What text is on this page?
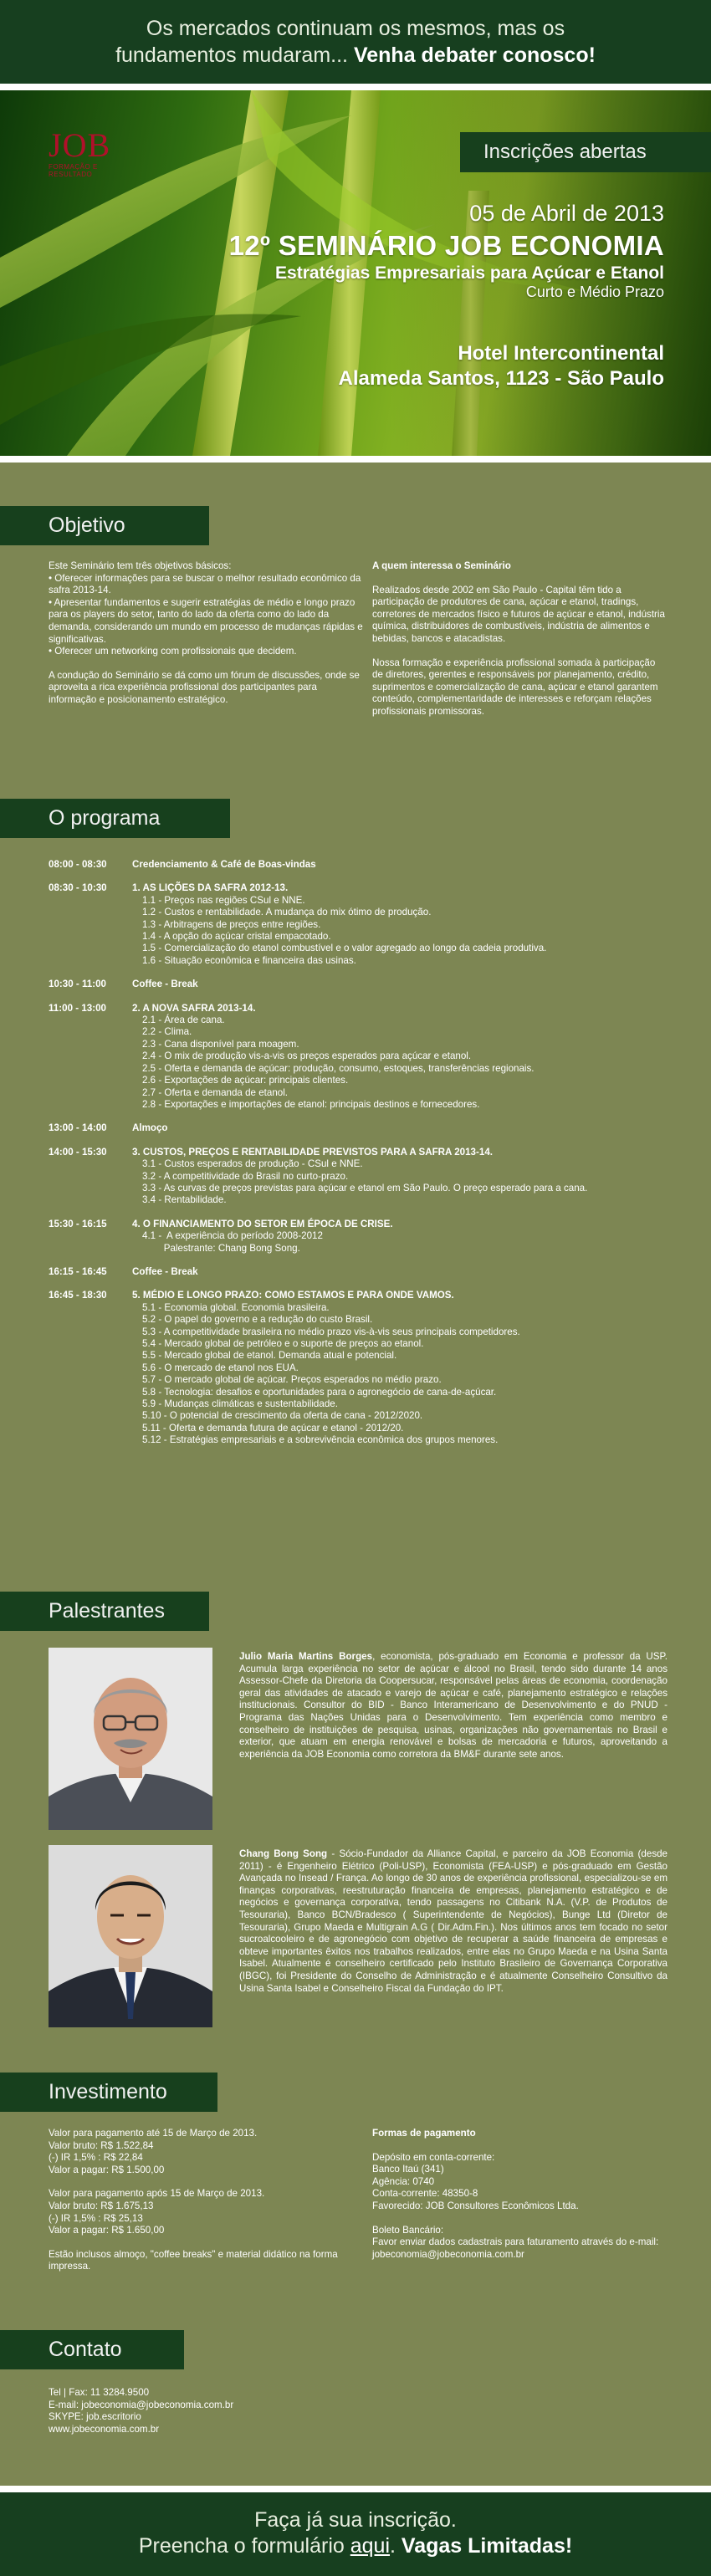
Os mercados continuam os mesmos, mas os
fundamentos mudaram... Venha debater conosco!
JOB
FORMAÇÃO E RESULTADO
Inscrições abertas
05 de Abril de 2013
12º SEMINÁRIO JOB ECONOMIA
Estratégias Empresariais para Açúcar e Etanol
Curto e Médio Prazo
Hotel Intercontinental
Alameda Santos, 1123 - São Paulo
Objetivo
Este Seminário tem três objetivos básicos:
• Oferecer informações para se buscar o melhor resultado econômico da safra 2013-14.
• Apresentar fundamentos e sugerir estratégias de médio e longo prazo para os players do setor, tanto do lado da oferta como do lado da demanda, considerando um mundo em processo de mudanças rápidas e significativas.

• Oferecer um networking com profissionais que decidem.

A condução do Seminário se dá como um fórum de discussões, onde se aproveita a rica experiência profissional dos participantes para informação e posicionamento estratégico.

A quem interessa o Seminário

Realizados desde 2002 em São Paulo - Capital têm tido a participação de produtores de cana, açúcar e etanol, tradings, corretores de mercados físico e futuros de açúcar e etanol, indústria química, distribuidores de combustíveis, indústria de alimentos e bebidas, bancos e atacadistas.

Nossa formação e experiência profissional somada à participação de diretores, gerentes e responsáveis por planejamento, crédito, suprimentos e comercialização de cana, açúcar e etanol garantem conteúdo, complementaridade de interesses e reforçam relações profissionais promissoras.

O programa
08:00 - 08:30	Credenciamento & Café de Boas-vindas
08:30 - 10:30	1. AS LIÇÕES DA SAFRA 2012-13.
1.1 - Preços nas regiões CSul e NNE.
1.2 - Custos e rentabilidade. A mudança do mix ótimo de produção.
1.3 - Arbitragens de preços entre regiões.
1.4 - A opção do açúcar cristal empacotado.
1.5 - Comercialização do etanol combustível e o valor agregado ao longo da cadeia produtiva.
1.6 - Situação econômica e financeira das usinas.
10:30 - 11:00	Coffee - Break
11:00 - 13:00	2. A NOVA SAFRA 2013-14.
2.1 - Área de cana.
2.2 - Clima.
2.3 - Cana disponível para moagem.
2.4 - O mix de produção vis-a-vis os preços esperados para açúcar e etanol.
2.5 - Oferta e demanda de açúcar: produção, consumo, estoques, transferências regionais.
2.6 - Exportações de açúcar: principais clientes.
2.7 - Oferta e demanda de etanol.
2.8 - Exportações e importações de etanol: principais destinos e fornecedores.
13:00 - 14:00	Almoço
14:00 - 15:30	3. CUSTOS, PREÇOS E RENTABILIDADE PREVISTOS PARA A SAFRA 2013-14.
3.1 - Custos esperados de produção - CSul e NNE.
3.2 - A competitividade do Brasil no curto-prazo.
3.3 - As curvas de preços previstas para açúcar e etanol em São Paulo. O preço esperado para a cana.
3.4 - Rentabilidade.
15:30 - 16:15	4. O FINANCIAMENTO DO SETOR EM ÉPOCA DE CRISE.
4.1 -  A experiência do período 2008-2012
Palestrante: Chang Bong Song.
16:15 - 16:45	Coffee - Break
16:45 - 18:30	5. MÉDIO E LONGO PRAZO: COMO ESTAMOS E PARA ONDE VAMOS.
5.1 - Economia global. Economia brasileira.
5.2 - O papel do governo e a redução do custo Brasil.
5.3 - A competitividade brasileira no médio prazo vis-à-vis seus principais competidores.
5.4 - Mercado global de petróleo e o suporte de preços ao etanol.
5.5 - Mercado global de etanol. Demanda atual e potencial.
5.6 - O mercado de etanol nos EUA.
5.7 - O mercado global de açúcar. Preços esperados no médio prazo.
5.8 - Tecnologia: desafios e oportunidades para o agronegócio de cana-de-açúcar.
5.9 - Mudanças climáticas e sustentabilidade.
5.10 - O potencial de crescimento da oferta de cana - 2012/2020.
5.11 - Oferta e demanda futura de açúcar e etanol - 2012/20.
5.12 - Estratégias empresariais e a sobrevivência econômica dos grupos menores.
Palestrantes
Julio Maria Martins Borges, economista, pós-graduado em Economia e professor da USP. Acumula larga experiência no setor de açúcar e álcool no Brasil, tendo sido durante 14 anos Assessor-Chefe da Diretoria da Coopersucar, responsável pelas áreas de economia, coordenação geral das atividades de atacado e varejo de açúcar e café, planejamento estratégico e relações institucionais. Consultor do BID - Banco Interamericano de Desenvolvimento e do PNUD - Programa das Nações Unidas para o Desenvolvimento. Tem experiência como membro e conselheiro de instituições de pesquisa, usinas, organizações não governamentais no Brasil e exterior, que atuam em energia renovável e bolsas de mercadoria e futuros, aproveitando a experiência da JOB Economia como corretora da BM&F durante sete anos.
Chang Bong Song - Sócio-Fundador da Alliance Capital, e parceiro da JOB Economia (desde 2011) - é Engenheiro Elétrico (Poli-USP), Economista (FEA-USP) e pós-graduado em Gestão Avançada no Insead / França. Ao longo de 30 anos de experiência profissional, especializou-se em finanças corporativas, reestruturação financeira de empresas, planejamento estratégico e de negócios e governança corporativa, tendo passagens no Citibank N.A. (V.P. de Produtos de Tesouraria), Banco BCN/Bradesco ( Superintendente de Negócios), Bunge Ltd (Diretor de Tesouraria), Grupo Maeda e Multigrain A.G ( Dir.Adm.Fin.). Nos últimos anos tem focado no setor sucroalcooleiro e de agronegócio com objetivo de recuperar a saúde financeira de empresas e obteve importantes êxitos nos trabalhos realizados, entre elas no Grupo Maeda e na Usina Santa Isabel. Atualmente é conselheiro certificado pelo Instituto Brasileiro de Governança Corporativa (IBGC), foi Presidente do Conselho de Administração e é atualmente Conselheiro Consultivo da Usina Santa Isabel e Conselheiro Fiscal da Fundação do IPT.
Investimento

Valor para pagamento até 15 de Março de 2013.
Valor bruto: R$ 1.522,84
(-) IR 1,5% : R$ 22,84
Valor a pagar: R$ 1.500,00

Valor para pagamento após 15 de Março de 2013.
Valor bruto: R$ 1.675,13
(-) IR 1,5% : R$ 25,13
Valor a pagar: R$ 1.650,00

Estão inclusos almoço, "coffee breaks" e material didático na forma impressa.

Formas de pagamento

Depósito em conta-corrente:
Banco Itaú (341)
Agência: 0740
Conta-corrente: 48350-8
Favorecido: JOB Consultores Econômicos Ltda.

Boleto Bancário:
Favor enviar dados cadastrais para faturamento através do e-mail: jobeconomia@jobeconomia.com.br

Contato
Tel | Fax: 11 3284.9500
E-mail: jobeconomia@jobeconomia.com.br
SKYPE: job.escritorio
www.jobeconomia.com.br
Faça já sua inscrição.
Preencha o formulário aqui. Vagas Limitadas!
